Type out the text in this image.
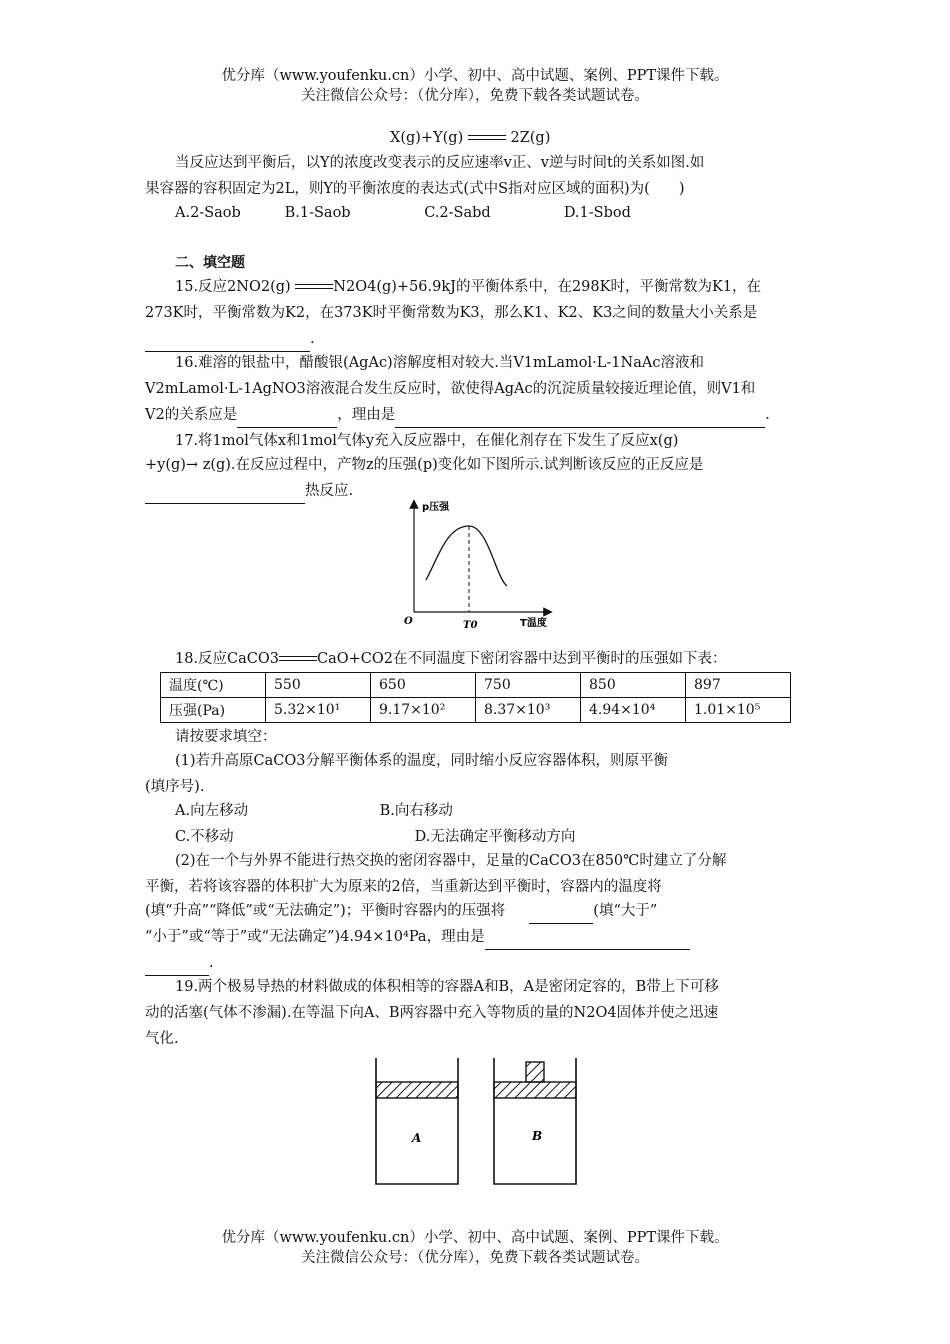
优分库（www.youfenku.cn）小学、初中、高中试题、案例、PPT课件下载。
关注微信公众号：（优分库），免费下载各类试题试卷。
X(g)+Y(g)	2Z(g)
当反应达到平衡后，以Y的浓度改变表示的反应速率v正、v逆与时间t的关系如图.如
果容器的容积固定为2L，则Y的平衡浓度的表达式(式中S指对应区域的面积)为(　　)
A.2-Saob	B.1-Saob	C.2-Sabd	D.1-Sbod
二、填空题
15.反应2NO2(g)	N2O4(g)+56.9kJ的平衡体系中，在298K时，平衡常数为K1，在
273K时，平衡常数为K2，在373K时平衡常数为K3，那么K1、K2、K3之间的数量大小关系是
.
16.难溶的银盐中，醋酸银(AgAc)溶解度相对较大.当V1mLamol·L-1NaAc溶液和
V2mLamol·L-1AgNO3溶液混合发生反应时，欲使得AgAc的沉淀质量较接近理论值，则V1和
V2的关系应是	，理由是	.
17.将1mol气体x和1mol气体y充入反应器中，在催化剂存在下发生了反应x(g)
+y(g)→ z(g).在反应过程中，产物z的压强(p)变化如下图所示.试判断该反应的正反应是
热反应.
p压强
O	T0	T温度
18.反应CaCO3	CaO+CO2在不同温度下密闭容器中达到平衡时的压强如下表：
温度(℃)	550	650	750	850	897
压强(Pa)	5.32×10¹	9.17×10²	8.37×10³	4.94×10⁴	1.01×10⁵
请按要求填空：
(1)若升高原CaCO3分解平衡体系的温度，同时缩小反应容器体积，则原平衡
(填序号).
A.向左移动	B.向右移动
C.不移动	D.无法确定平衡移动方向
(2)在一个与外界不能进行热交换的密闭容器中，足量的CaCO3在850℃时建立了分解
平衡，若将该容器的体积扩大为原来的2倍，当重新达到平衡时，容器内的温度将
(填“升高”“降低”或“无法确定”)；平衡时容器内的压强将	(填“大于”
“小于”或“等于”或“无法确定”)4.94×10⁴Pa，理由是
.
19.两个极易导热的材料做成的体积相等的容器A和B，A是密闭定容的，B带上下可移
动的活塞(气体不渗漏).在等温下向A、B两容器中充入等物质的量的N2O4固体并使之迅速
气化.
A	B
优分库（www.youfenku.cn）小学、初中、高中试题、案例、PPT课件下载。
关注微信公众号：（优分库），免费下载各类试题试卷。
